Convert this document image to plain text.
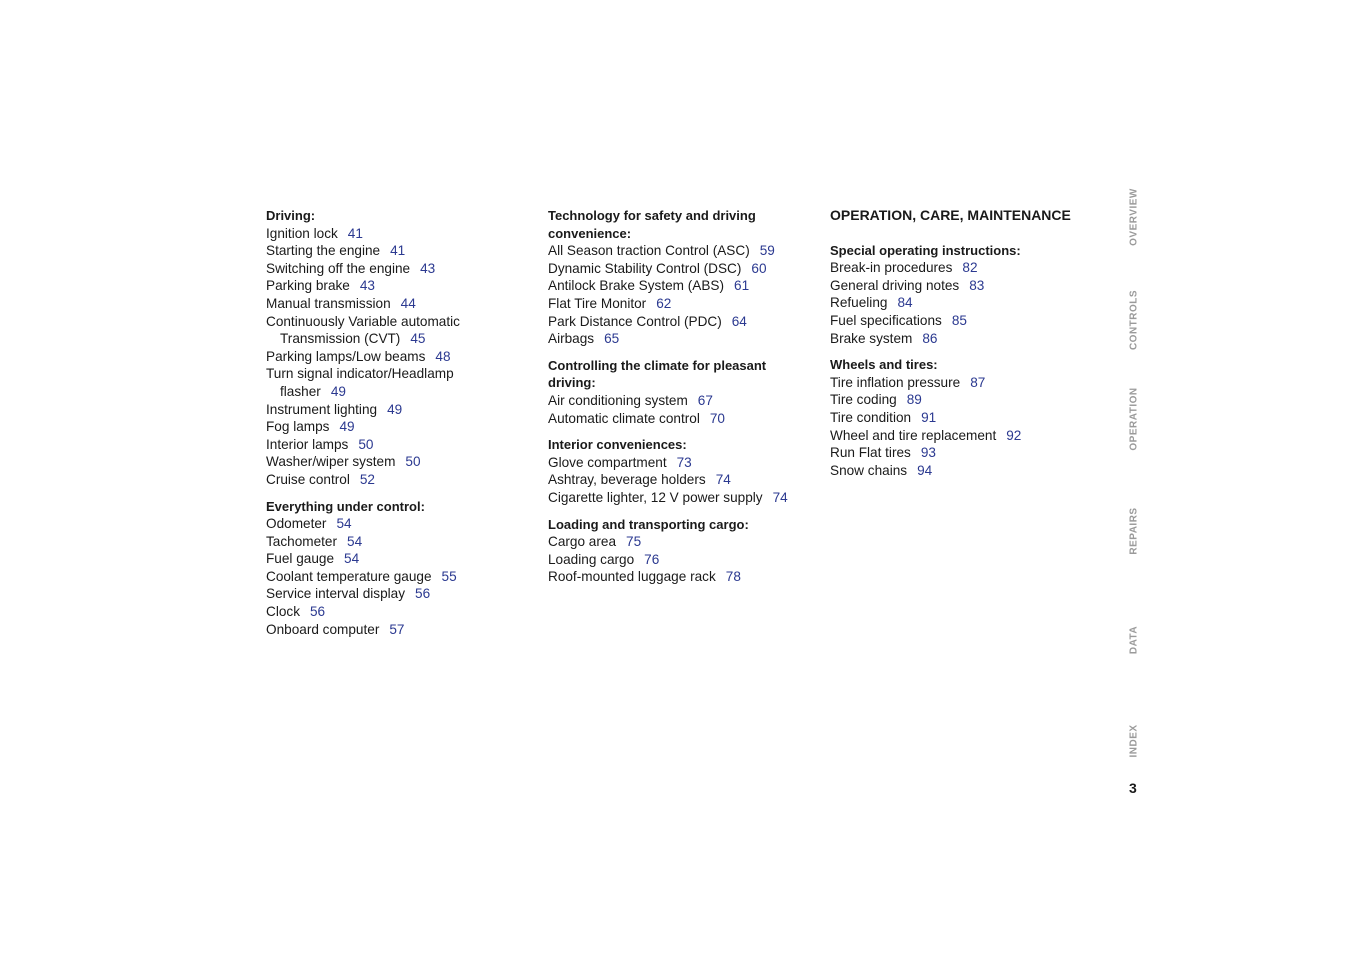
Driving:
Ignition lock 41
Starting the engine 41
Switching off the engine 43
Parking brake 43
Manual transmission 44
Continuously Variable automatic
Transmission (CVT) 45
Parking lamps/Low beams 48
Turn signal indicator/Headlamp
flasher 49
Instrument lighting 49
Fog lamps 49
Interior lamps 50
Washer/wiper system 50
Cruise control 52
Everything under control:
Odometer 54
Tachometer 54
Fuel gauge 54
Coolant temperature gauge 55
Service interval display 56
Clock 56
Onboard computer 57
Technology for safety and driving convenience:
All Season traction Control (ASC) 59
Dynamic Stability Control (DSC) 60
Antilock Brake System (ABS) 61
Flat Tire Monitor 62
Park Distance Control (PDC) 64
Airbags 65
Controlling the climate for pleasant driving:
Air conditioning system 67
Automatic climate control 70
Interior conveniences:
Glove compartment 73
Ashtray, beverage holders 74
Cigarette lighter, 12 V power supply 74
Loading and transporting cargo:
Cargo area 75
Loading cargo 76
Roof-mounted luggage rack 78
OPERATION, CARE, MAINTENANCE
Special operating instructions:
Break-in procedures 82
General driving notes 83
Refueling 84
Fuel specifications 85
Brake system 86
Wheels and tires:
Tire inflation pressure 87
Tire coding 89
Tire condition 91
Wheel and tire replacement 92
Run Flat tires 93
Snow chains 94
OVERVIEW
CONTROLS
OPERATION
REPAIRS
DATA
INDEX
3
